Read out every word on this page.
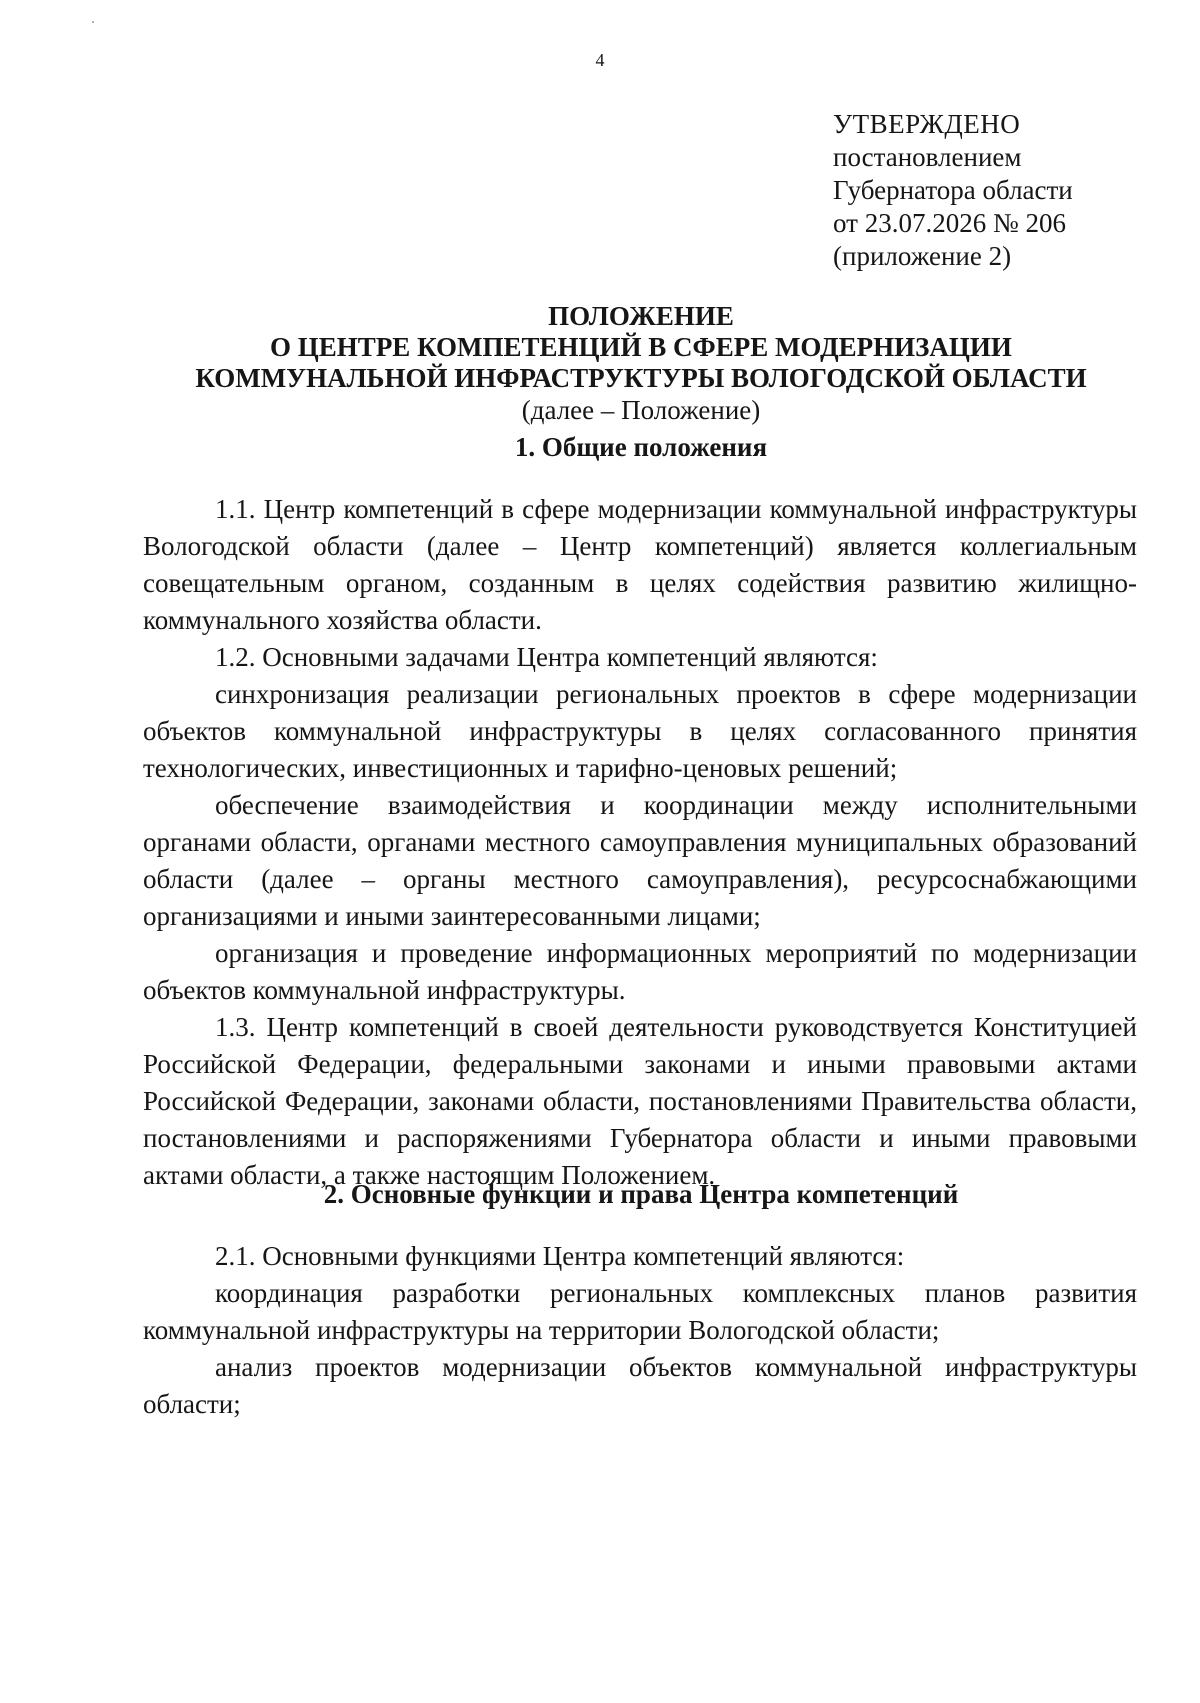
4
УТВЕРЖДЕНО
постановлением
Губернатора области
от 23.07.2026 № 206
(приложение 2)
ПОЛОЖЕНИЕ
О ЦЕНТРЕ КОМПЕТЕНЦИЙ В СФЕРЕ МОДЕРНИЗАЦИИ
КОММУНАЛЬНОЙ ИНФРАСТРУКТУРЫ ВОЛОГОДСКОЙ ОБЛАСТИ
(далее – Положение)
1. Общие положения

1.1. Центр компетенций в сфере модернизации коммунальной инфраструктуры Вологодской области (далее – Центр компетенций) является коллегиальным совещательным органом, созданным в целях содействия развитию жилищно-коммунального хозяйства области.

1.2. Основными задачами Центра компетенций являются:

синхронизация реализации региональных проектов в сфере модернизации объектов коммунальной инфраструктуры в целях согласованного принятия технологических, инвестиционных и тарифно-ценовых решений;

обеспечение взаимодействия и координации между исполнительными органами области, органами местного самоуправления муниципальных образований области (далее – органы местного самоуправления), ресурсоснабжающими организациями и иными заинтересованными лицами;

организация и проведение информационных мероприятий по модернизации объектов коммунальной инфраструктуры.

1.3. Центр компетенций в своей деятельности руководствуется Конституцией Российской Федерации, федеральными законами и иными правовыми актами Российской Федерации, законами области, постановлениями Правительства области, постановлениями и распоряжениями Губернатора области и иными правовыми актами области, а также настоящим Положением.

2. Основные функции и права Центра компетенций

2.1. Основными функциями Центра компетенций являются:

координация разработки региональных комплексных планов развития коммунальной инфраструктуры на территории Вологодской области;

анализ проектов модернизации объектов коммунальной инфраструктуры области;
